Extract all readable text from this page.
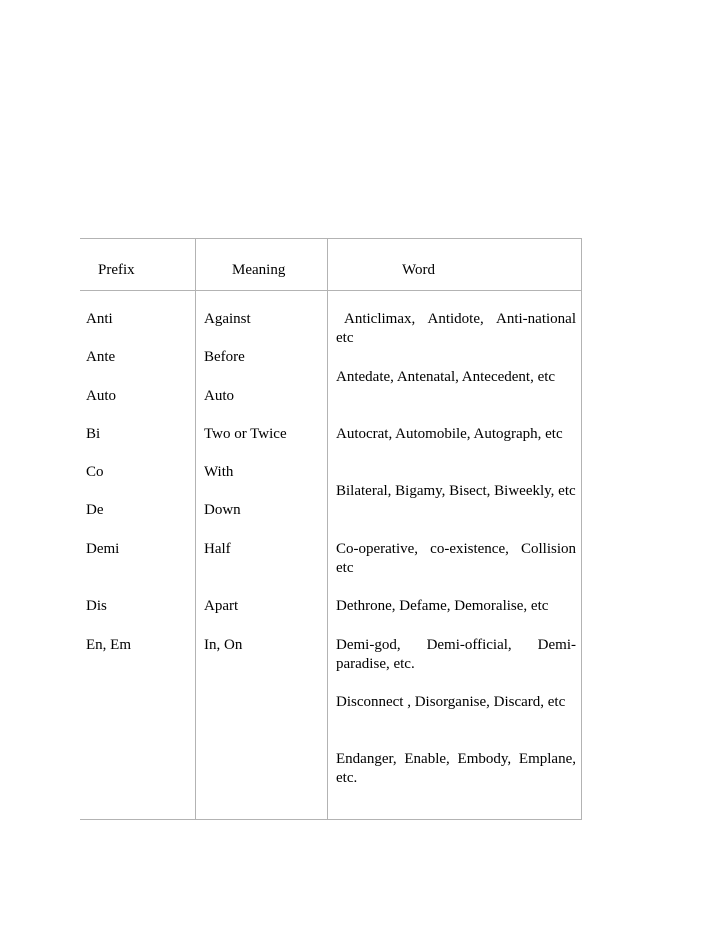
Prefix	Meaning	Word
Anti
Ante
Auto
Bi
Co
De
Demi
Dis
En, Em
Against
Before
Auto
Two or Twice
With
Down
Half
Apart
In, On
Anticlimax, Antidote, Anti-national etc
Antedate, Antenatal, Antecedent, etc
Autocrat, Automobile, Autograph, etc
Bilateral, Bigamy, Bisect, Biweekly, etc
Co-operative, co-existence, Collision etc
Dethrone, Defame, Demoralise, etc
Demi-god, Demi-official, Demi-paradise, etc.
Disconnect , Disorganise, Discard, etc
Endanger, Enable, Embody, Emplane, etc.
